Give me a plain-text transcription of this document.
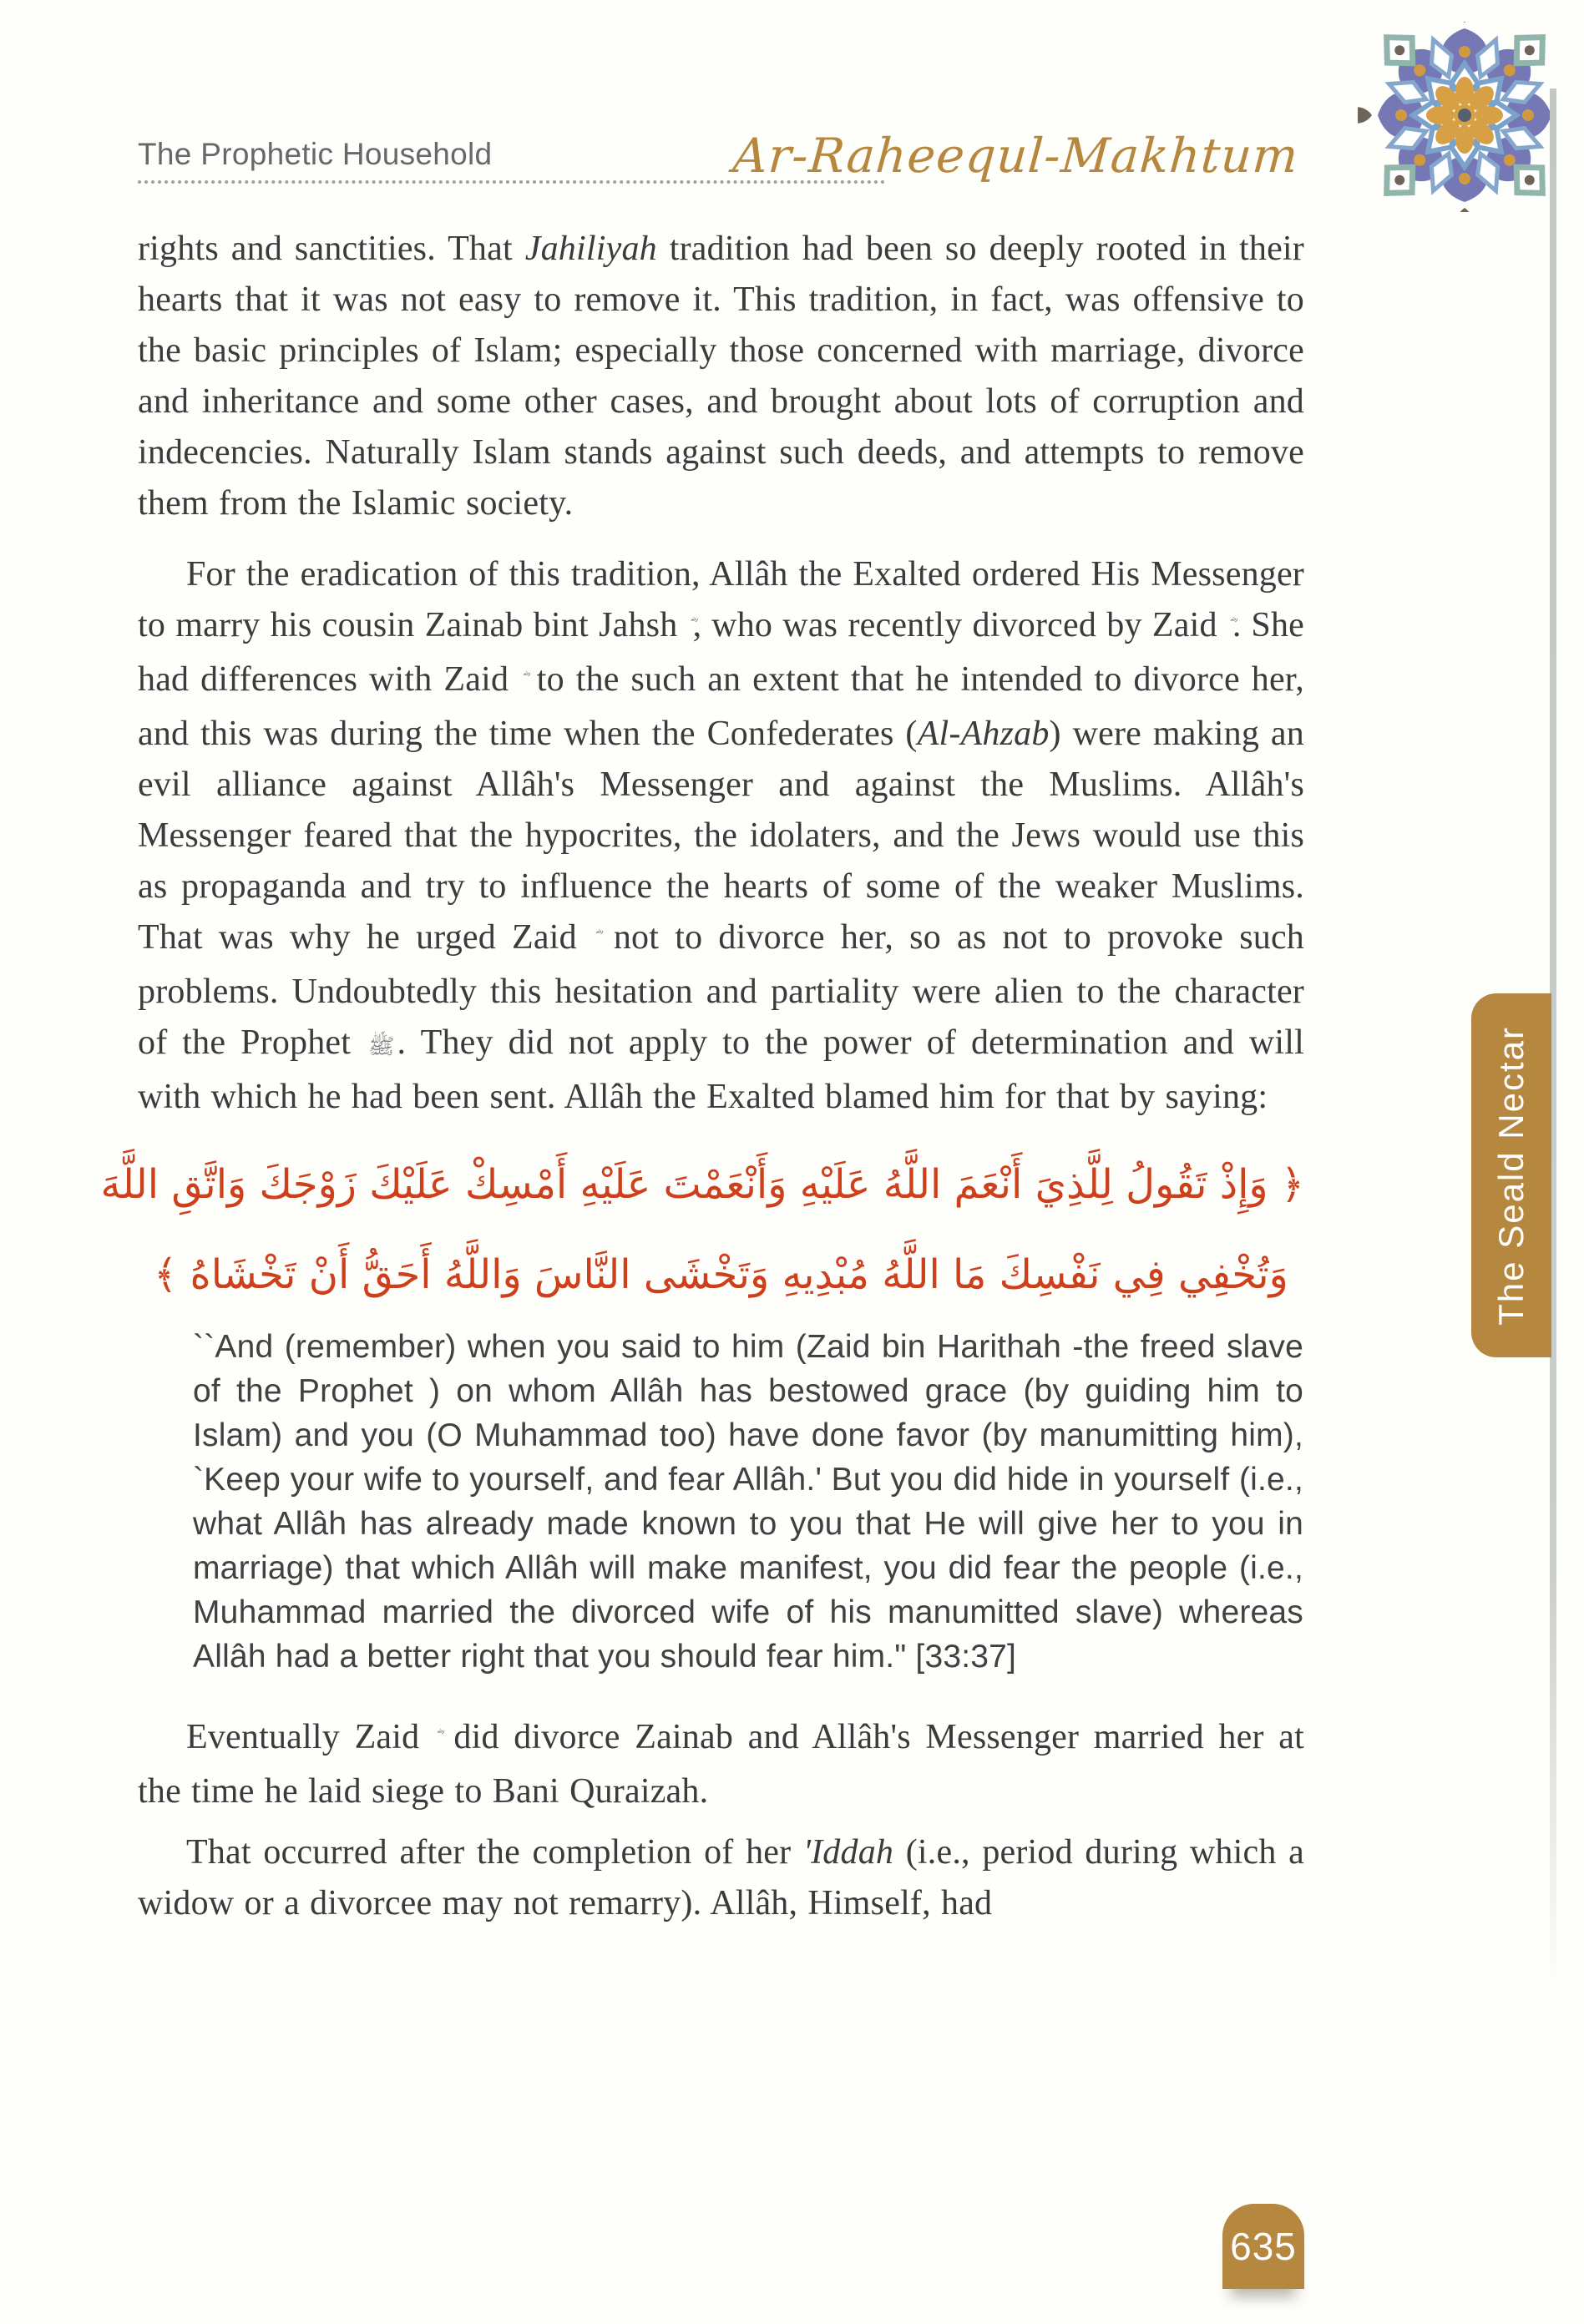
The Prophetic Household	Ar-Raheequl-Makhtum

rights and sanctities. That Jahiliyah tradition had been so deeply rooted in their hearts that it was not easy to remove it. This tradition, in fact, was offensive to the basic principles of Islam; especially those concerned with marriage, divorce and inheritance and some other cases, and brought about lots of corruption and indecencies. Naturally Islam stands against such deeds, and attempts to remove them from the Islamic society.

For the eradication of this tradition, Allâh the Exalted ordered His Messenger to marry his cousin Zainab bint Jahsh , who was recently divorced by Zaid . She had differences with Zaid to the such an extent that he intended to divorce her, and this was during the time when the Confederates (Al-Ahzab) were making an evil alliance against Allâh's Messenger and against the Muslims. Allâh's Messenger feared that the hypocrites, the idolaters, and the Jews would use this as propaganda and try to influence the hearts of some of the weaker Muslims. That was why he urged Zaid not to divorce her, so as not to provoke such problems. Undoubtedly this hesitation and partiality were alien to the character of the Prophet ﷺ. They did not apply to the power of determination and will with which he had been sent. Allâh the Exalted blamed him for that by saying:

﴿ وَإِذْ تَقُولُ لِلَّذِيَ أَنْعَمَ اللَّهُ عَلَيْهِ وَأَنْعَمْتَ عَلَيْهِ أَمْسِكْ عَلَيْكَ زَوْجَكَ وَاتَّقِ اللَّهَ
وَتُخْفِي فِي نَفْسِكَ مَا اللَّهُ مُبْدِيهِ وَتَخْشَى النَّاسَ وَاللَّهُ أَحَقُّ أَنْ تَخْشَاهُ ﴾

``And (remember) when you said to him (Zaid bin Harithah -the freed slave of the Prophet ) on whom Allâh has bestowed grace (by guiding him to Islam) and you (O Muhammad too) have done favor (by manumitting him), `Keep your wife to yourself, and fear Allâh.' But you did hide in yourself (i.e., what Allâh has already made known to you that He will give her to you in marriage) that which Allâh will make manifest, you did fear the people (i.e., Muhammad married the divorced wife of his manumitted slave) whereas Allâh had a better right that you should fear him." [33:37]

Eventually Zaid did divorce Zainab and Allâh's Messenger married her at the time he laid siege to Bani Quraizah.

That occurred after the completion of her 'Iddah (i.e., period during which a widow or a divorcee may not remarry). Allâh, Himself, had

The Seald Nectar
635
